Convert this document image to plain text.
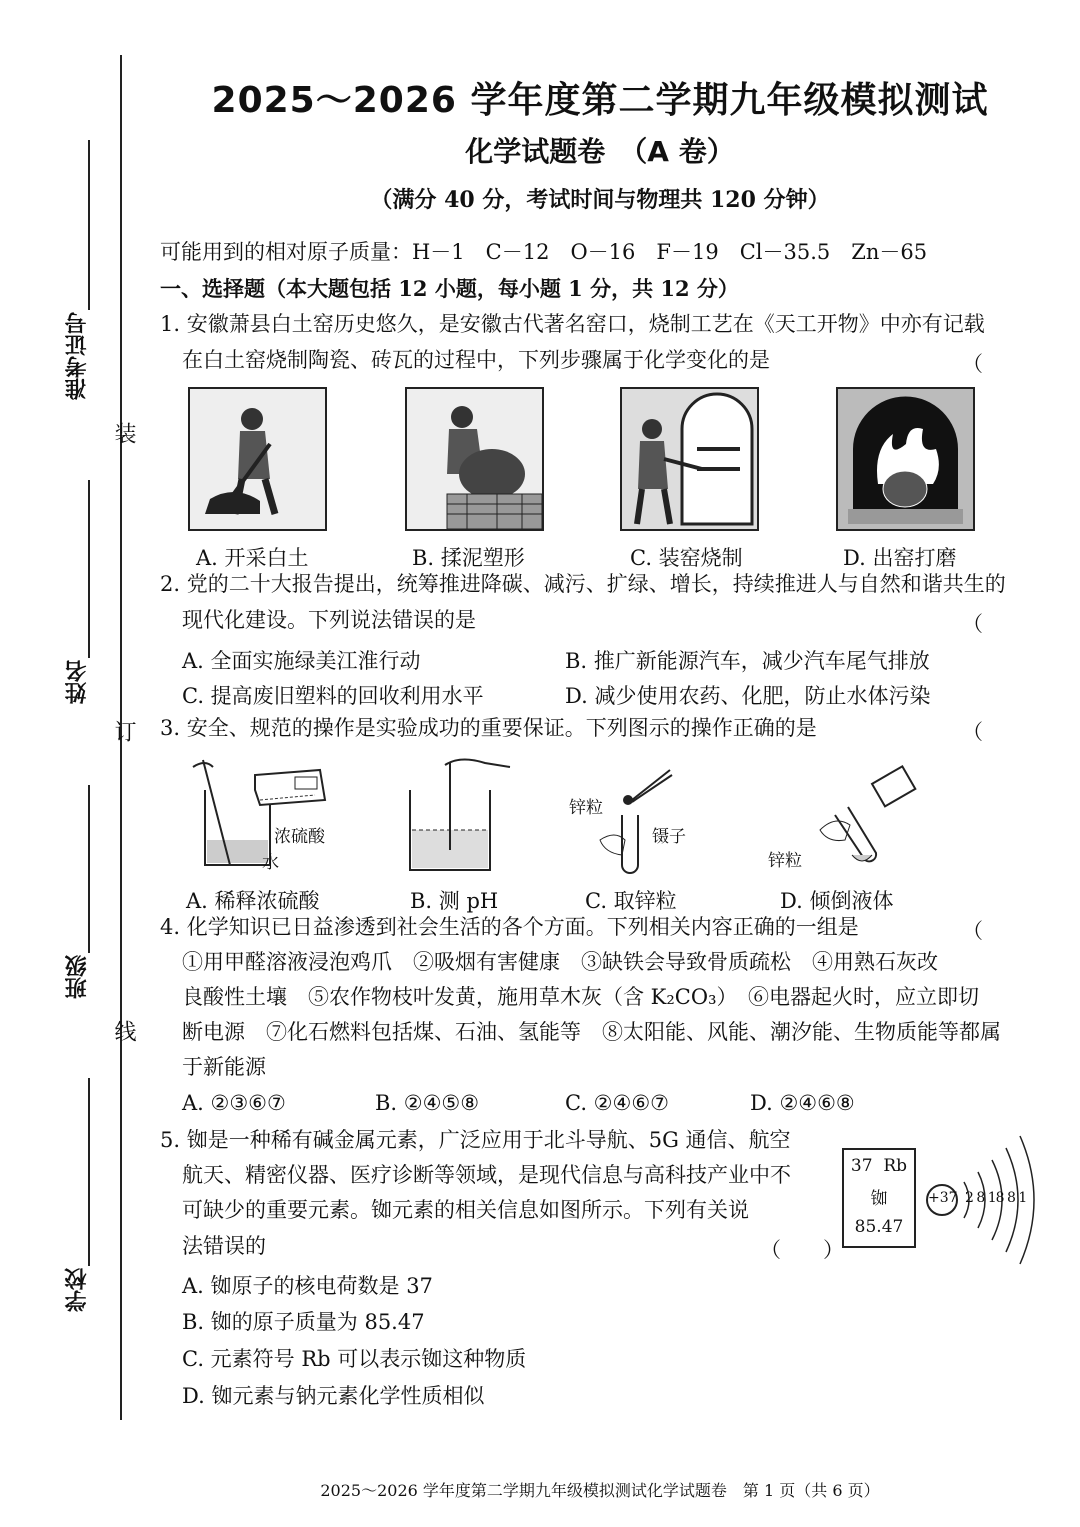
准考证号
姓名
班级
学校
装
订
线
2025～2026 学年度第二学期九年级模拟测试
化学试题卷　（A 卷）
（满分 40 分，考试时间与物理共 120 分钟）
可能用到的相对原子质量：H－1　C－12　O－16　F－19　Cl－35.5　Zn－65
一、选择题（本大题包括 12 小题，每小题 1 分，共 12 分）
1. 安徽萧县白土窑历史悠久，是安徽古代著名窑口，烧制工艺在《天工开物》中亦有记载
在白土窑烧制陶瓷、砖瓦的过程中，下列步骤属于化学变化的是	（
A. 开采白土	B. 揉泥塑形	C. 装窑烧制	D. 出窑打磨
2. 党的二十大报告提出，统筹推进降碳、减污、扩绿、增长，持续推进人与自然和谐共生的
现代化建设。下列说法错误的是	（
A. 全面实施绿美江淮行动	B. 推广新能源汽车，减少汽车尾气排放
C. 提高废旧塑料的回收利用水平	D. 减少使用农药、化肥，防止水体污染
3. 安全、规范的操作是实验成功的重要保证。下列图示的操作正确的是	（
浓硫酸
水
锌粒
镊子
锌粒
A. 稀释浓硫酸	B. 测 pH	C. 取锌粒	D. 倾倒液体
4. 化学知识已日益渗透到社会生活的各个方面。下列相关内容正确的一组是	（
①用甲醛溶液浸泡鸡爪　②吸烟有害健康　③缺铁会导致骨质疏松　④用熟石灰改
良酸性土壤　⑤农作物枝叶发黄，施用草木灰（含 K₂CO₃）　⑥电器起火时，应立即切
断电源　⑦化石燃料包括煤、石油、氢能等　⑧太阳能、风能、潮汐能、生物质能等都属
于新能源
A. ②③⑥⑦	B. ②④⑤⑧	C. ②④⑥⑦	D. ②④⑥⑧
5. 铷是一种稀有碱金属元素，广泛应用于北斗导航、5G 通信、航空
航天、精密仪器、医疗诊断等领域，是现代信息与高科技产业中不
可缺少的重要元素。铷元素的相关信息如图所示。下列有关说
法错误的	（　　）
37 Rb
铷
85.47
+37 2 8 18 8 1
A. 铷原子的核电荷数是 37
B. 铷的原子质量为 85.47
C. 元素符号 Rb 可以表示铷这种物质
D. 铷元素与钠元素化学性质相似
2025～2026 学年度第二学期九年级模拟测试化学试题卷　第 1 页（共 6 页）
